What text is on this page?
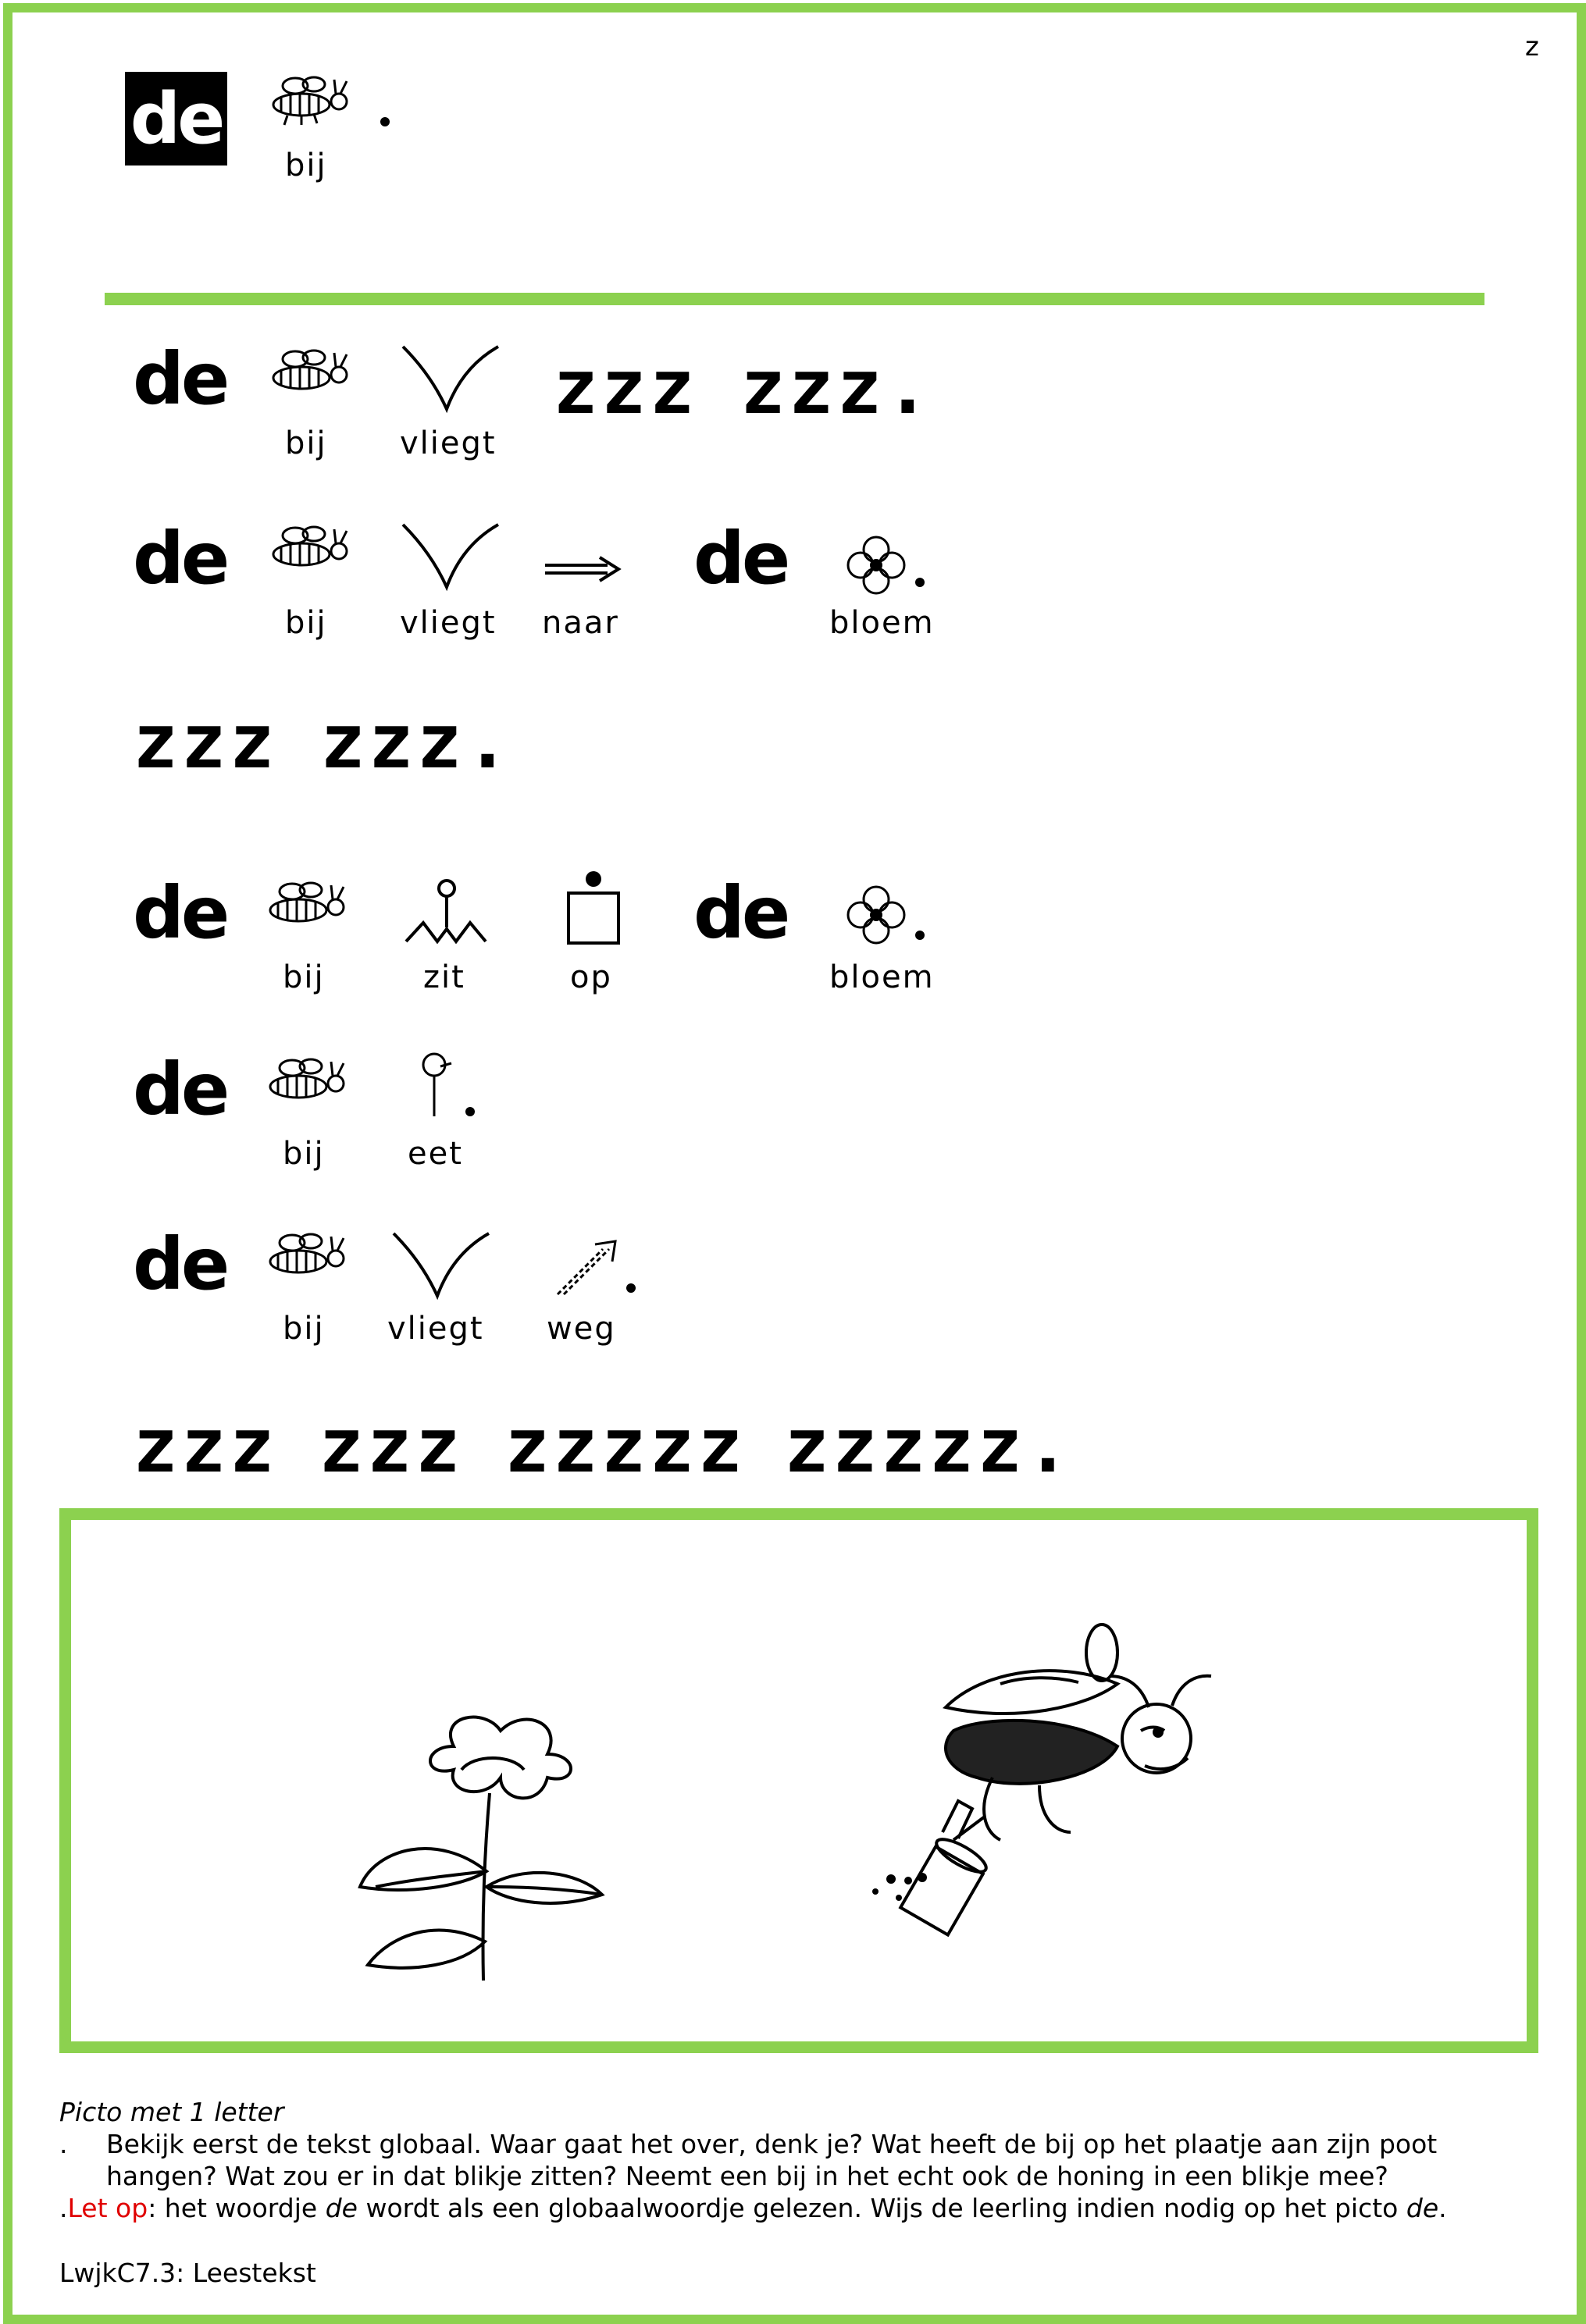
z
de
bij
de	zzz zzz.
bij vliegt
de	de
bij vliegt naar	bloem
zzz zzz.
de	de
bij	zit	op	bloem
de
bij	eet
de
bij vliegt weg
zzz zzz zzzzz zzzzz.
Picto met 1 letter
. Bekijk eerst de tekst globaal. Waar gaat het over, denk je? Wat heeft de bij op het plaatje aan zijn poot hangen? Wat zou er in dat blikje zitten? Neemt een bij in het echt ook de honing in een blikje mee?
.Let op: het woordje de wordt als een globaalwoordje gelezen. Wijs de leerling indien nodig op het picto de.
LwjkC7.3: Leestekst
